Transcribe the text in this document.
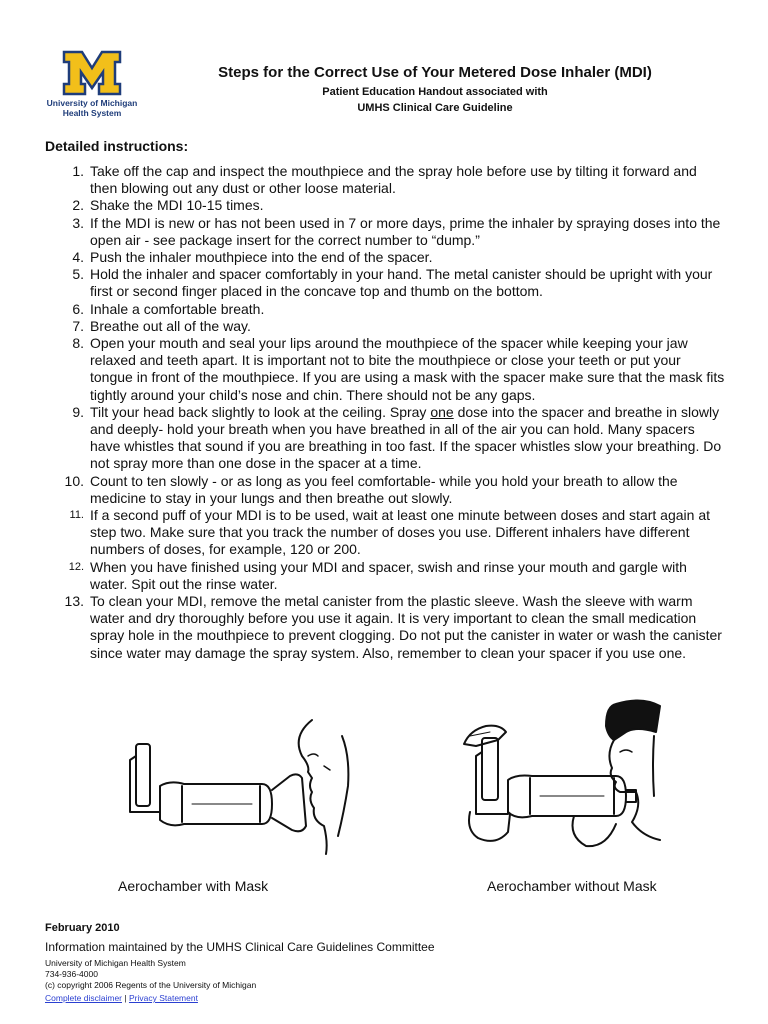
University of Michigan
Health System
Steps for the Correct Use of Your Metered Dose Inhaler (MDI)
Patient Education Handout associated with
UMHS Clinical Care Guideline
Detailed instructions:
1. Take off the cap and inspect the mouthpiece and the spray hole before use by tilting it forward and then blowing out any dust or other loose material.
2. Shake the MDI 10-15 times.
3. If the MDI is new or has not been used in 7 or more days, prime the inhaler by spraying doses into the open air - see package insert for the correct number to “dump.”
4. Push the inhaler mouthpiece into the end of the spacer.
5. Hold the inhaler and spacer comfortably in your hand. The metal canister should be upright with your first or second finger placed in the concave top and thumb on the bottom.
6. Inhale a comfortable breath.
7. Breathe out all of the way.
8. Open your mouth and seal your lips around the mouthpiece of the spacer while keeping your jaw relaxed and teeth apart. It is important not to bite the mouthpiece or close your teeth or put your tongue in front of the mouthpiece. If you are using a mask with the spacer make sure that the mask fits tightly around your child’s nose and chin. There should not be any gaps.
9. Tilt your head back slightly to look at the ceiling. Spray one dose into the spacer and breathe in slowly and deeply- hold your breath when you have breathed in all of the air you can hold. Many spacers have whistles that sound if you are breathing in too fast. If the spacer whistles slow your breathing. Do not spray more than one dose in the spacer at a time.
10. Count to ten slowly - or as long as you feel comfortable- while you hold your breath to allow the medicine to stay in your lungs and then breathe out slowly.
11. If a second puff of your MDI is to be used, wait at least one minute between doses and start again at step two. Make sure that you track the number of doses you use. Different inhalers have different numbers of doses, for example, 120 or 200.
12. When you have finished using your MDI and spacer, swish and rinse your mouth and gargle with water. Spit out the rinse water.
13. To clean your MDI, remove the metal canister from the plastic sleeve. Wash the sleeve with warm water and dry thoroughly before you use it again. It is very important to clean the small medication spray hole in the mouthpiece to prevent clogging. Do not put the canister in water or wash the canister since water may damage the spray system. Also, remember to clean your spacer if you use one.
Aerochamber with Mask	Aerochamber without Mask
February 2010
Information maintained by the UMHS Clinical Care Guidelines Committee
University of Michigan Health System
734-936-4000
(c) copyright 2006 Regents of the University of Michigan
Complete disclaimer | Privacy Statement
